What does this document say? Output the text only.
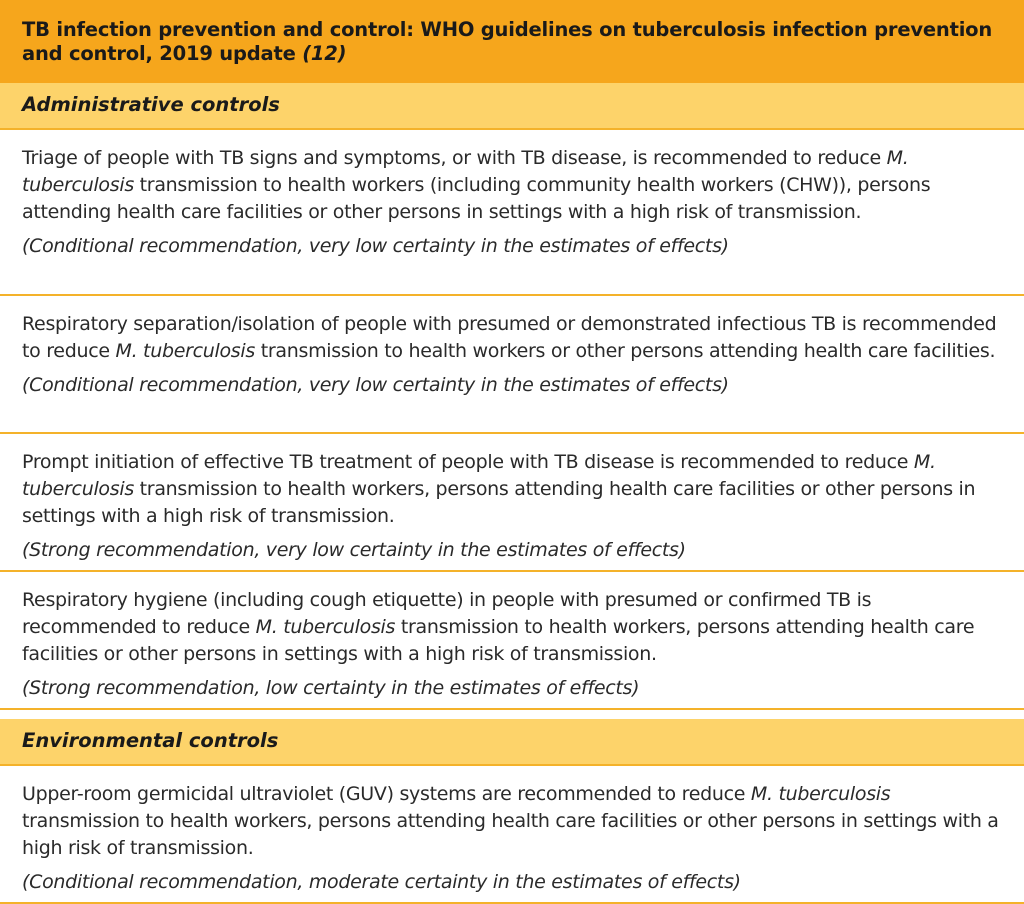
TB infection prevention and control: WHO guidelines on tuberculosis infection prevention and control, 2019 update (12)
Administrative controls

Triage of people with TB signs and symptoms, or with TB disease, is recommended to reduce M. tuberculosis transmission to health workers (including community health workers (CHW)), persons attending health care facilities or other persons in settings with a high risk of transmission.

(Conditional recommendation, very low certainty in the estimates of effects)

Respiratory separation/isolation of people with presumed or demonstrated infectious TB is recommended to reduce M. tuberculosis transmission to health workers or other persons attending health care facilities.

(Conditional recommendation, very low certainty in the estimates of effects)

Prompt initiation of effective TB treatment of people with TB disease is recommended to reduce M. tuberculosis transmission to health workers, persons attending health care facilities or other persons in settings with a high risk of transmission.

(Strong recommendation, very low certainty in the estimates of effects)

Respiratory hygiene (including cough etiquette) in people with presumed or confirmed TB is recommended to reduce M. tuberculosis transmission to health workers, persons attending health care facilities or other persons in settings with a high risk of transmission.

(Strong recommendation, low certainty in the estimates of effects)

Environmental controls

Upper-room germicidal ultraviolet (GUV) systems are recommended to reduce M. tuberculosis transmission to health workers, persons attending health care facilities or other persons in settings with a high risk of transmission.

(Conditional recommendation, moderate certainty in the estimates of effects)
